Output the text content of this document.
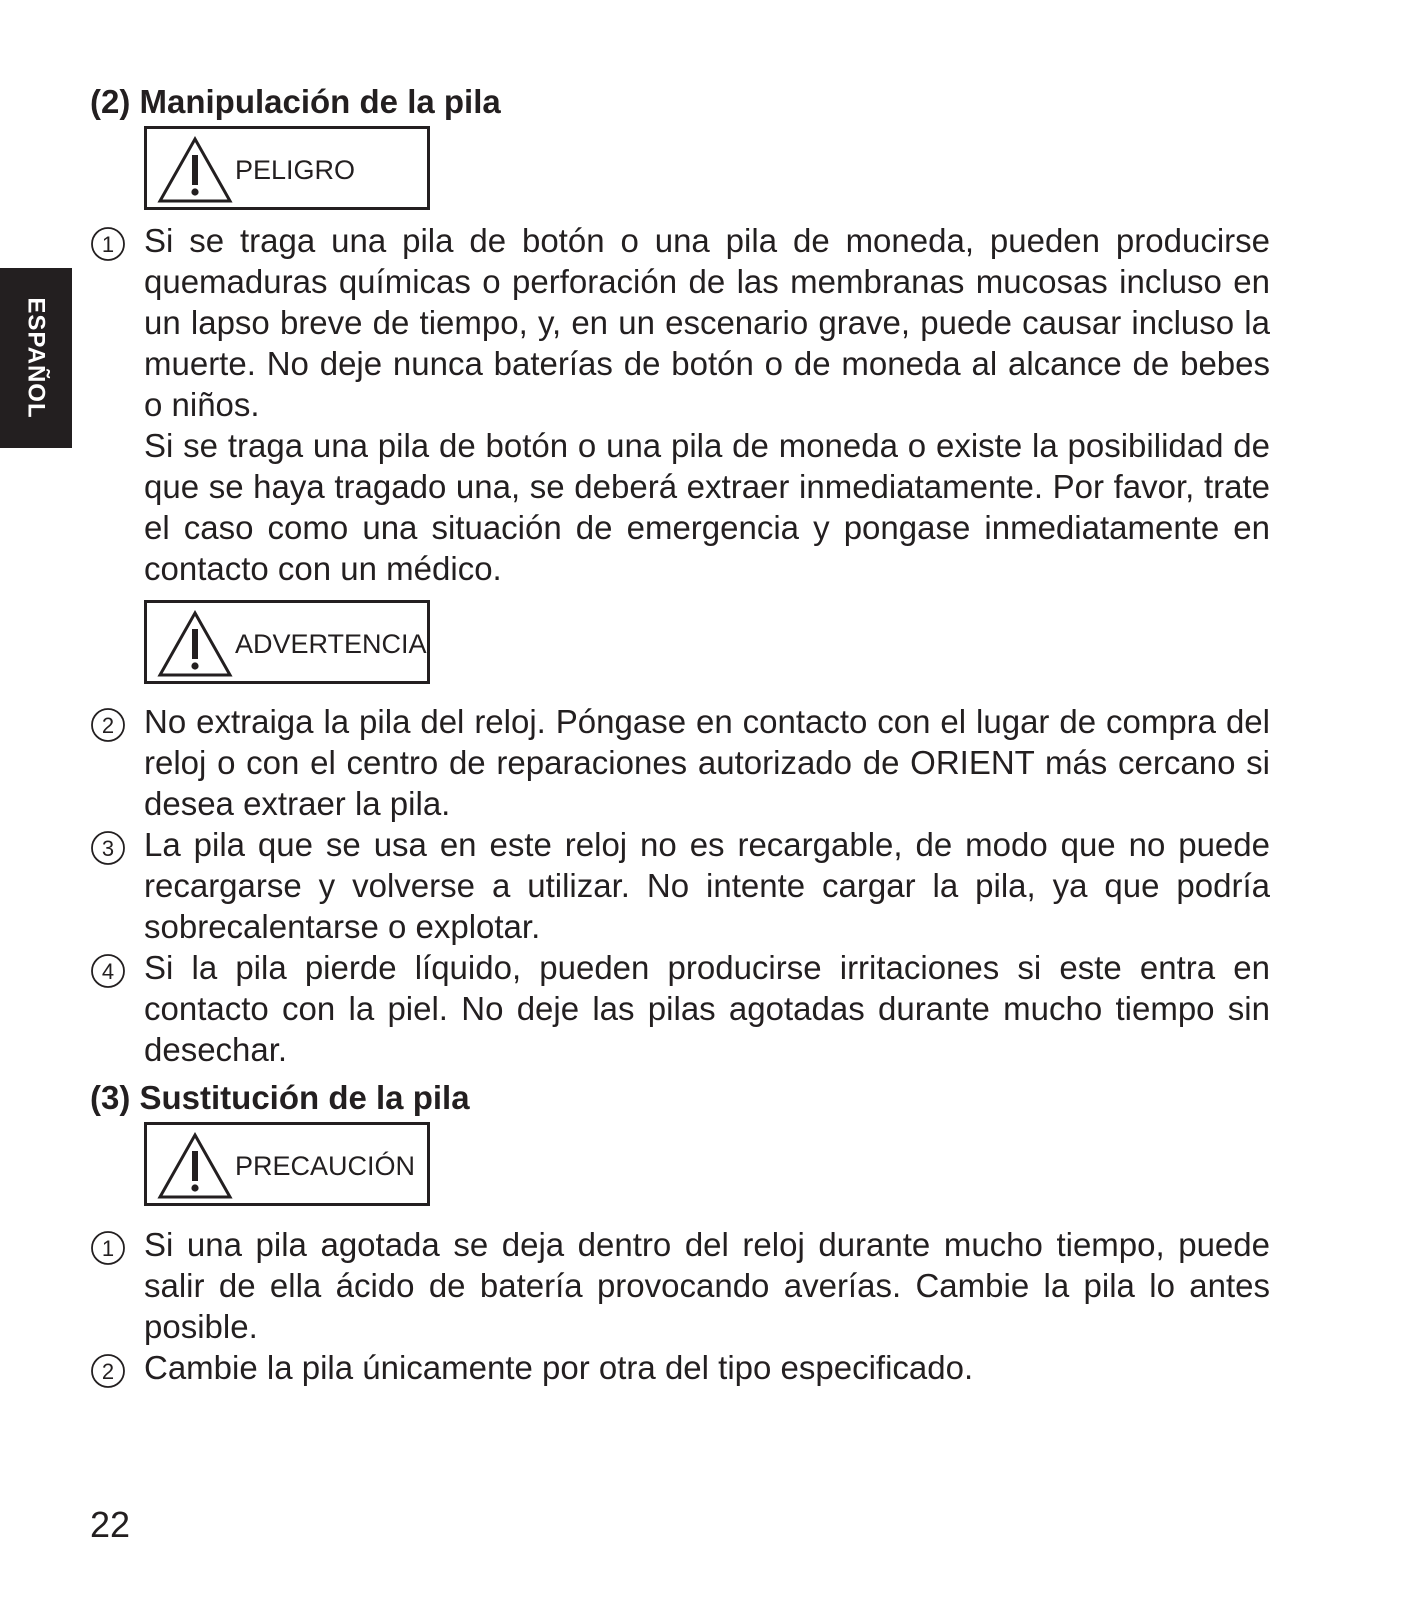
ESPAÑOL
(2) Manipulación de la pila
PELIGRO
1 Si se traga una pila de botón o una pila de moneda, pueden producirse quemaduras químicas o perforación de las membranas mucosas incluso en un lapso breve de tiempo, y, en un escenario grave, puede causar incluso la muerte. No deje nunca baterías de botón o de moneda al alcance de bebes o niños.

Si se traga una pila de botón o una pila de moneda o existe la posibilidad de que se haya tragado una, se deberá extraer inmediatamente. Por favor, trate el caso como una situación de emergencia y pongase inmediatamente en contacto con un médico.

ADVERTENCIA
2 No extraiga la pila del reloj. Póngase en contacto con el lugar de compra del reloj o con el centro de reparaciones autorizado de ORIENT más cercano si desea extraer la pila.

3 La pila que se usa en este reloj no es recargable, de modo que no puede recargarse y volverse a utilizar. No intente cargar la pila, ya que podría sobrecalentarse o explotar.

4 Si la pila pierde líquido, pueden producirse irritaciones si este entra en contacto con la piel. No deje las pilas agotadas durante mucho tiempo sin desechar.

(3) Sustitución de la pila
PRECAUCIÓN
1 Si una pila agotada se deja dentro del reloj durante mucho tiempo, puede salir de ella ácido de batería provocando averías. Cambie la pila lo antes posible.

2 Cambie la pila únicamente por otra del tipo especificado.

22
